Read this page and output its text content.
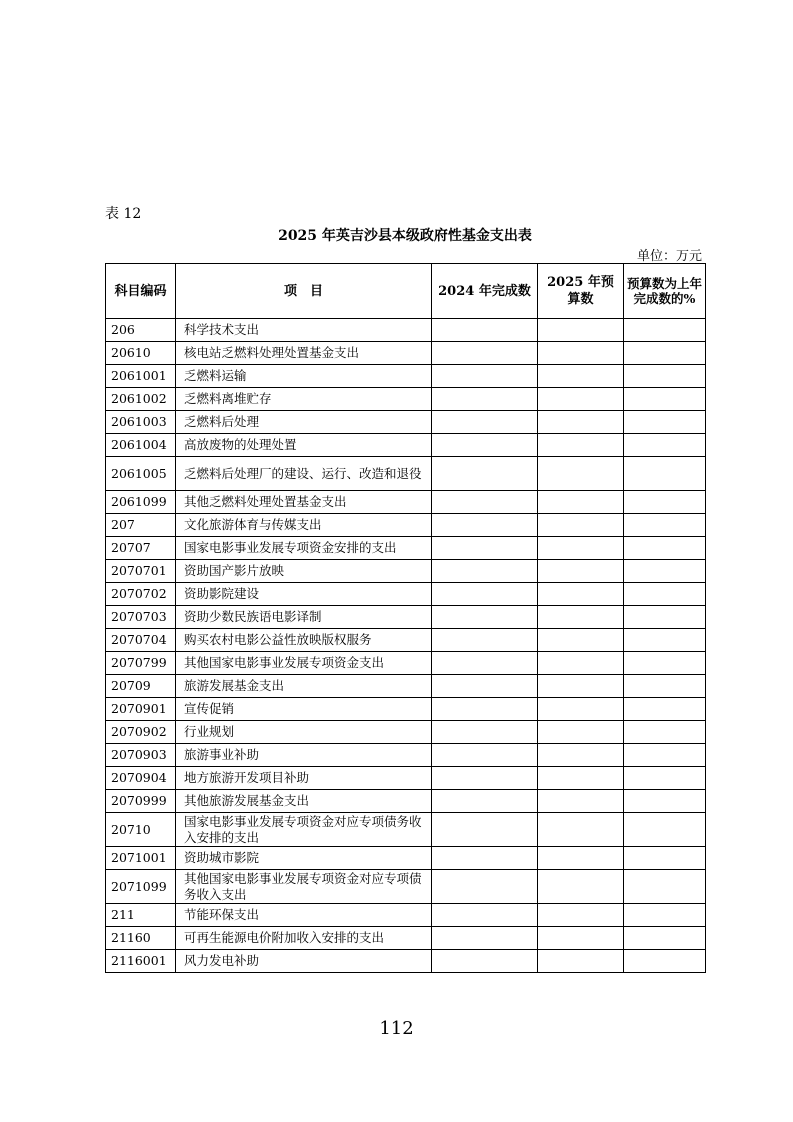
表 12
2025 年英吉沙县本级政府性基金支出表
单位：万元
科目编码	项　目	2024 年完成数	2025 年预算数	预算数为上年完成数的%
206	科学技术支出			
20610	核电站乏燃料处理处置基金支出			
2061001	乏燃料运输			
2061002	乏燃料离堆贮存			
2061003	乏燃料后处理			
2061004	高放废物的处理处置			
2061005	乏燃料后处理厂的建设、运行、改造和退役			
2061099	其他乏燃料处理处置基金支出			
207	文化旅游体育与传媒支出			
20707	国家电影事业发展专项资金安排的支出			
2070701	资助国产影片放映			
2070702	资助影院建设			
2070703	资助少数民族语电影译制			
2070704	购买农村电影公益性放映版权服务			
2070799	其他国家电影事业发展专项资金支出			
20709	旅游发展基金支出			
2070901	宣传促销			
2070902	行业规划			
2070903	旅游事业补助			
2070904	地方旅游开发项目补助			
2070999	其他旅游发展基金支出			
20710	国家电影事业发展专项资金对应专项债务收入安排的支出			
2071001	资助城市影院			
2071099	其他国家电影事业发展专项资金对应专项债务收入支出			
211	节能环保支出			
21160	可再生能源电价附加收入安排的支出			
2116001	风力发电补助			
112
